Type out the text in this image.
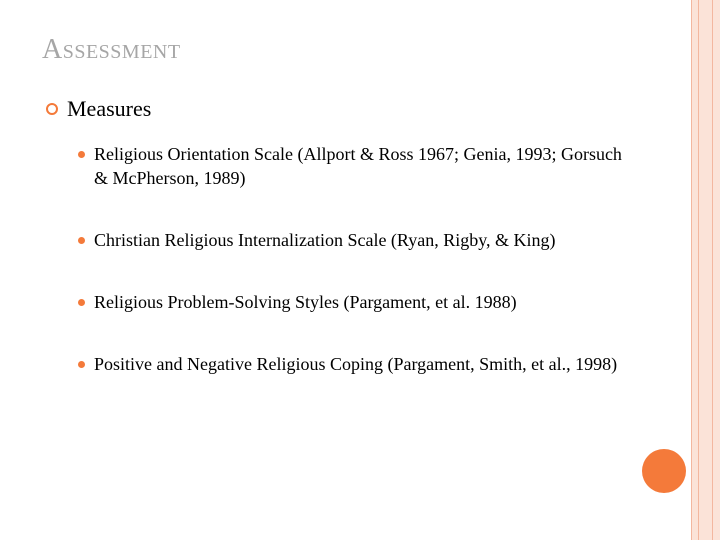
Assessment
Measures
Religious Orientation Scale (Allport & Ross 1967; Genia, 1993; Gorsuch & McPherson, 1989)
Christian Religious Internalization Scale (Ryan, Rigby, & King)
Religious Problem-Solving Styles (Pargament, et al. 1988)
Positive and Negative Religious Coping (Pargament, Smith, et al., 1998)
